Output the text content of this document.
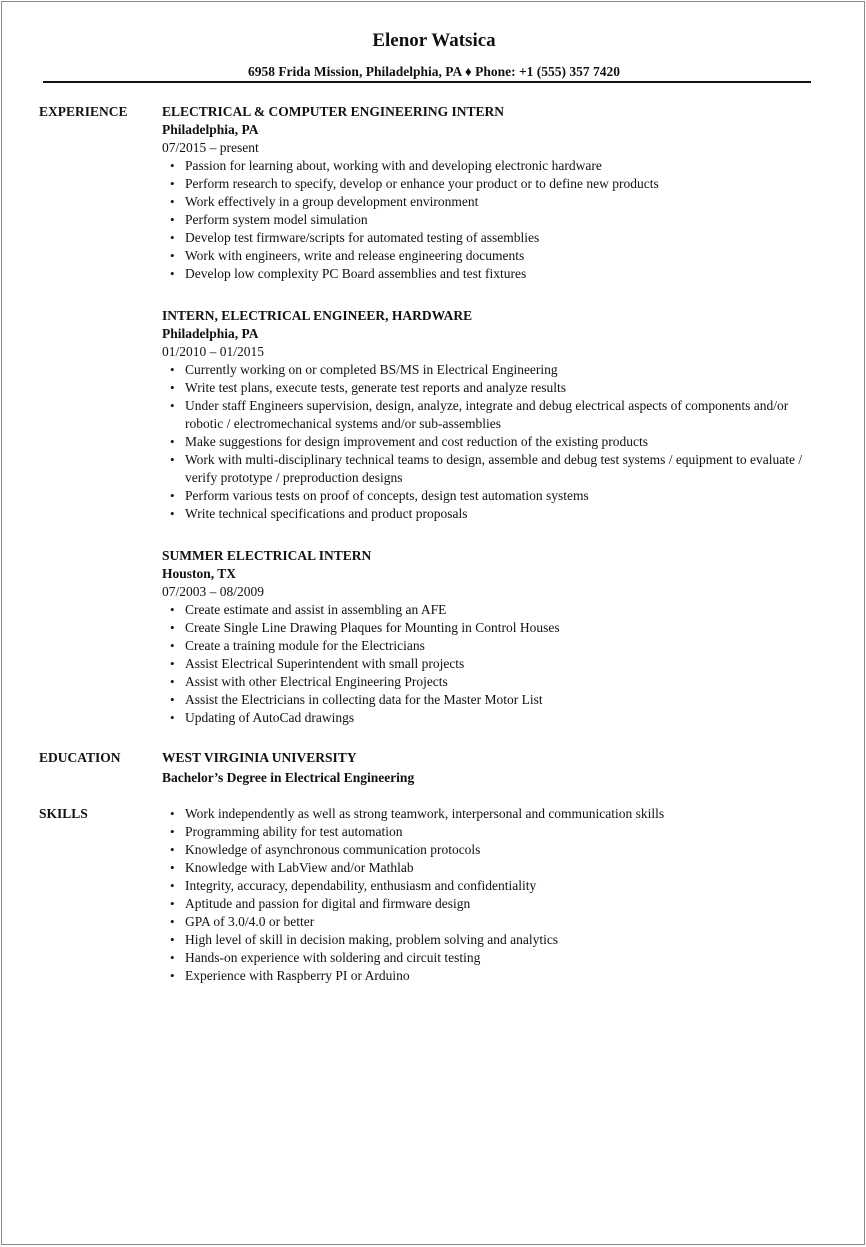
Elenor Watsica
6958 Frida Mission, Philadelphia, PA ♦ Phone: +1 (555) 357 7420
EXPERIENCE	ELECTRICAL & COMPUTER ENGINEERING INTERN
Philadelphia, PA
07/2015 – present
• Passion for learning about, working with and developing electronic hardware
• Perform research to specify, develop or enhance your product or to define new products
• Work effectively in a group development environment
• Perform system model simulation
• Develop test firmware/scripts for automated testing of assemblies
• Work with engineers, write and release engineering documents
• Develop low complexity PC Board assemblies and test fixtures
INTERN, ELECTRICAL ENGINEER, HARDWARE
Philadelphia, PA
01/2010 – 01/2015
• Currently working on or completed BS/MS in Electrical Engineering
• Write test plans, execute tests, generate test reports and analyze results
• Under staff Engineers supervision, design, analyze, integrate and debug electrical aspects of components and/or robotic / electromechanical systems and/or sub-assemblies
• Make suggestions for design improvement and cost reduction of the existing products
• Work with multi-disciplinary technical teams to design, assemble and debug test systems / equipment to evaluate / verify prototype / preproduction designs
• Perform various tests on proof of concepts, design test automation systems
• Write technical specifications and product proposals
SUMMER ELECTRICAL INTERN
Houston, TX
07/2003 – 08/2009
• Create estimate and assist in assembling an AFE
• Create Single Line Drawing Plaques for Mounting in Control Houses
• Create a training module for the Electricians
• Assist Electrical Superintendent with small projects
• Assist with other Electrical Engineering Projects
• Assist the Electricians in collecting data for the Master Motor List
• Updating of AutoCad drawings
EDUCATION	WEST VIRGINIA UNIVERSITY
Bachelor’s Degree in Electrical Engineering
SKILLS
•	Work independently as well as strong teamwork, interpersonal and communication skills
• Programming ability for test automation
• Knowledge of asynchronous communication protocols
• Knowledge with LabView and/or Mathlab
• Integrity, accuracy, dependability, enthusiasm and confidentiality
• Aptitude and passion for digital and firmware design
• GPA of 3.0/4.0 or better
• High level of skill in decision making, problem solving and analytics
• Hands-on experience with soldering and circuit testing
• Experience with Raspberry PI or Arduino
